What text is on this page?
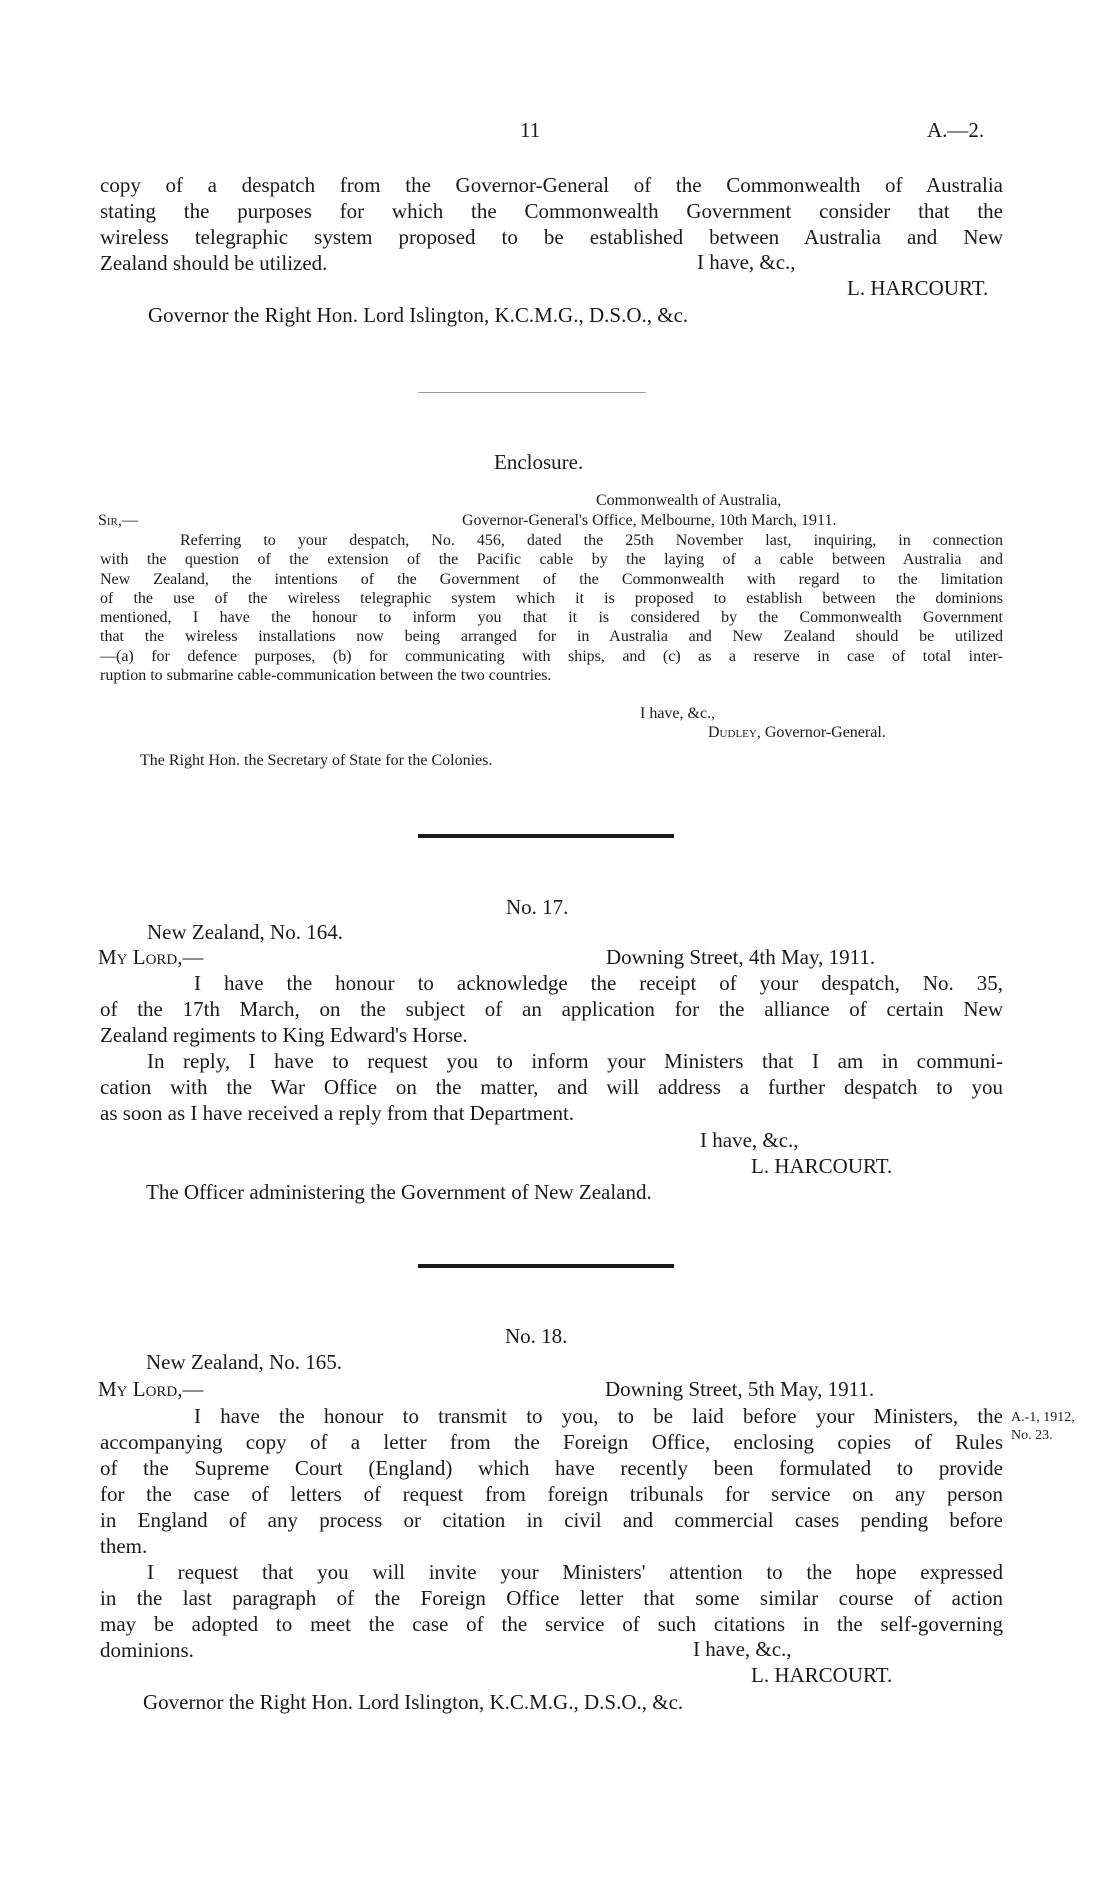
11	A.—2.
copy of a despatch from the Governor-General of the Commonwealth of Australia
stating the purposes for which the Commonwealth Government consider that the
wireless telegraphic system proposed to be established between Australia and New
Zealand should be utilized.	I have, &c.,
L. HARCOURT.
Governor the Right Hon. Lord Islington, K.C.M.G., D.S.O., &c.
Enclosure.
Commonwealth of Australia,
Sir,—	Governor-General's Office, Melbourne, 10th March, 1911.
Referring to your despatch, No. 456, dated the 25th November last, inquiring, in connection
with the question of the extension of the Pacific cable by the laying of a cable between Australia and
New Zealand, the intentions of the Government of the Commonwealth with regard to the limitation
of the use of the wireless telegraphic system which it is proposed to establish between the dominions
mentioned, I have the honour to inform you that it is considered by the Commonwealth Government
that the wireless installations now being arranged for in Australia and New Zealand should be utilized
—(a) for defence purposes, (b) for communicating with ships, and (c) as a reserve in case of total inter-
ruption to submarine cable-communication between the two countries.
I have, &c.,
Dudley, Governor-General.
The Right Hon. the Secretary of State for the Colonies.
No. 17.
New Zealand, No. 164.
My Lord,—	Downing Street, 4th May, 1911.
I have the honour to acknowledge the receipt of your despatch, No. 35,
of the 17th March, on the subject of an application for the alliance of certain New
Zealand regiments to King Edward's Horse.
In reply, I have to request you to inform your Ministers that I am in communi-
cation with the War Office on the matter, and will address a further despatch to you
as soon as I have received a reply from that Department.
I have, &c.,
L. HARCOURT.
The Officer administering the Government of New Zealand.
No. 18.
New Zealand, No. 165.
My Lord,—	Downing Street, 5th May, 1911.
I have the honour to transmit to you, to be laid before your Ministers, the
accompanying copy of a letter from the Foreign Office, enclosing copies of Rules
of the Supreme Court (England) which have recently been formulated to provide
for the case of letters of request from foreign tribunals for service on any person
in England of any process or citation in civil and commercial cases pending before
them.
I request that you will invite your Ministers' attention to the hope expressed
in the last paragraph of the Foreign Office letter that some similar course of action
may be adopted to meet the case of the service of such citations in the self-governing
dominions.	I have, &c.,
L. HARCOURT.
Governor the Right Hon. Lord Islington, K.C.M.G., D.S.O., &c.
A.-1, 1912,
No. 23.
